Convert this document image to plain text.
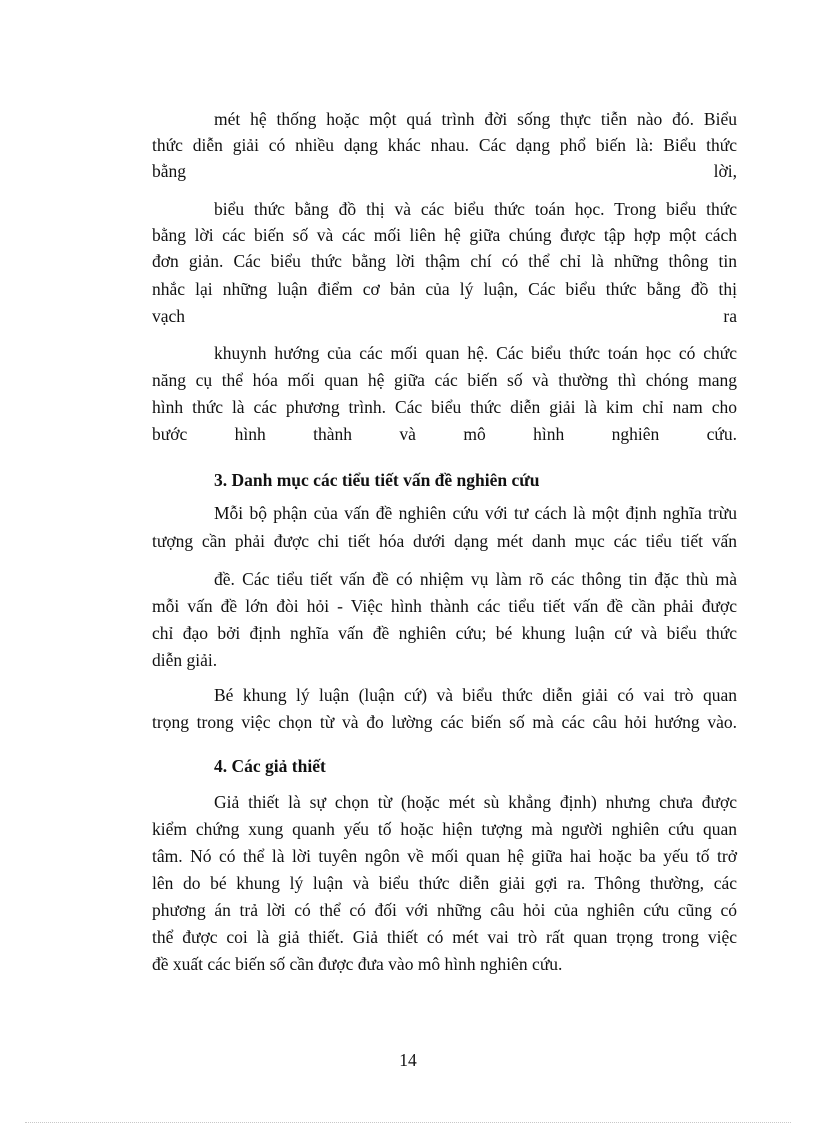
mét hệ thống hoặc một quá trình đời sống thực tiễn nào đó. Biểu
thức diễn giải có nhiều dạng khác nhau. Các dạng phổ biến là: Biểu thức
bằng lời,
biểu thức bằng đồ thị và các biểu thức toán học. Trong biểu thức
bằng lời các biến số và các mối liên hệ giữa chúng được tập hợp một cách
đơn giản. Các biểu thức bằng lời thậm chí có thể chỉ là những thông tin
nhắc lại những luận điểm cơ bản của lý luận, Các biểu thức bằng đồ thị
vạch ra
khuynh hướng của các mối quan hệ. Các biểu thức toán học có chức
năng cụ thể hóa mối quan hệ giữa các biến số và thường thì chóng mang
hình thức là các phương trình. Các biểu thức diễn giải là kim chỉ nam cho
bước hình thành và mô hình nghiên cứu.
3. Danh mục các tiểu tiết vấn đề nghiên cứu
Mỗi bộ phận của vấn đề nghiên cứu với tư cách là một định nghĩa trừu
tượng cần phải được chi tiết hóa dưới dạng mét danh mục các tiểu tiết vấn
đề. Các tiểu tiết vấn đề có nhiệm vụ làm rõ các thông tin đặc thù mà
mỗi vấn đề lớn đòi hỏi - Việc hình thành các tiểu tiết vấn đề cần phải được
chỉ đạo bởi định nghĩa vấn đề nghiên cứu; bé khung luận cứ và biểu thức
diễn giải.
Bé khung lý luận (luận cứ) và biểu thức diễn giải có vai trò quan
trọng trong việc chọn từ và đo lường các biến số mà các câu hỏi hướng vào.
4. Các giả thiết
Giả thiết là sự chọn từ (hoặc mét sù khẳng định) nhưng chưa được
kiểm chứng xung quanh yếu tố hoặc hiện tượng mà người nghiên cứu quan
tâm. Nó có thể là lời tuyên ngôn về mối quan hệ giữa hai hoặc ba yếu tố trở
lên do bé khung lý luận và biểu thức diễn giải gợi ra. Thông thường, các
phương án trả lời có thể có đối với những câu hỏi của nghiên cứu cũng có
thể được coi là giả thiết. Giả thiết có mét vai trò rất quan trọng trong việc
đề xuất các biến số cần được đưa vào mô hình nghiên cứu.
14
